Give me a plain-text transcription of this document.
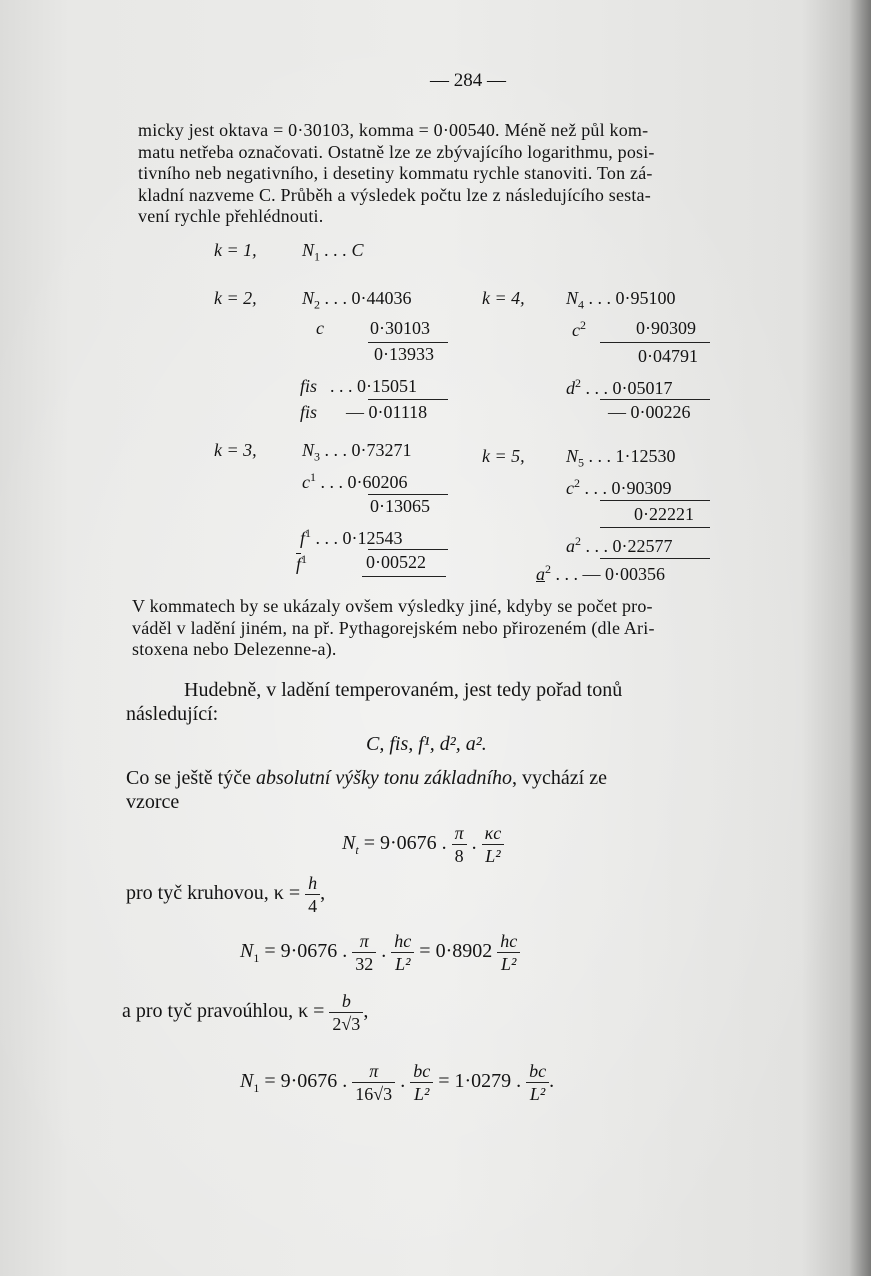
— 284 —
micky jest oktava = 0·30103, komma = 0·00540. Méně než půl kom-
matu netřeba označovati. Ostatně lze ze zbývajícího logarithmu, posi-
tivního neb negativního, i desetiny kommatu rychle stanoviti. Ton zá-
kladní nazveme C. Průběh a výsledek počtu lze z následujícího sesta-
vení rychle přehlédnouti.
k = 1,	$N_1$ . . . C
k = 2,	$N_2$ . . . 0·44036
c	0·30103
0·13933
fis . . . 0·15051
fis — 0·01118
k = 3,	$N_3$ . . . 0·73271
$c^1$ . . . 0·60206
0·13065
$f^1$ . . . 0·12543
$\overline{f}^1$	0·00522
k = 4, $N_4$ . . . 0·95100
$c^2$	0·90309
0·04791
$d^2$ . . . 0·05017
— 0·00226
k = 5, $N_5$ . . . 1·12530
$c^2$ . . . 0·90309
0·22221
$a^2$ . . . 0·22577
$a^2$ . . . — 0·00356
V kommatech by se ukázaly ovšem výsledky jiné, kdyby se počet pro-
váděl v ladění jiném, na př. Pythagorejském nebo přirozeném (dle Ari-
stoxena nebo Delezenne-a).
Hudebně, v ladění temperovaném, jest tedy pořad tonů
následující:
C, fis, f¹, d², a².
Co se ještě týče absolutní výšky tonu základního, vychází ze
vzorce
$N_t = 9\cdot 0676$ . $\frac{\pi}{8}$ . $\frac{\kappa c}{\text{L²}}$
pro tyč kruhovou, $\kappa = \frac{h}{4}$ ,
$N_1 = 9\cdot 0676$ . $\frac{\pi}{32}$ . $\frac{hc}{\text{L²}} = 0\cdot 8902 \frac{hc}{\text{L²}}$
a pro tyč pravoúhlou, $\kappa = \frac{b}{2√3}$ ,
$N_1 = 9\cdot 0676$ . $\frac{\pi}{16√3}$ . $\frac{bc}{\text{L²}} = 1\cdot 0279$ . $\frac{bc}{\text{L²}}$ .
